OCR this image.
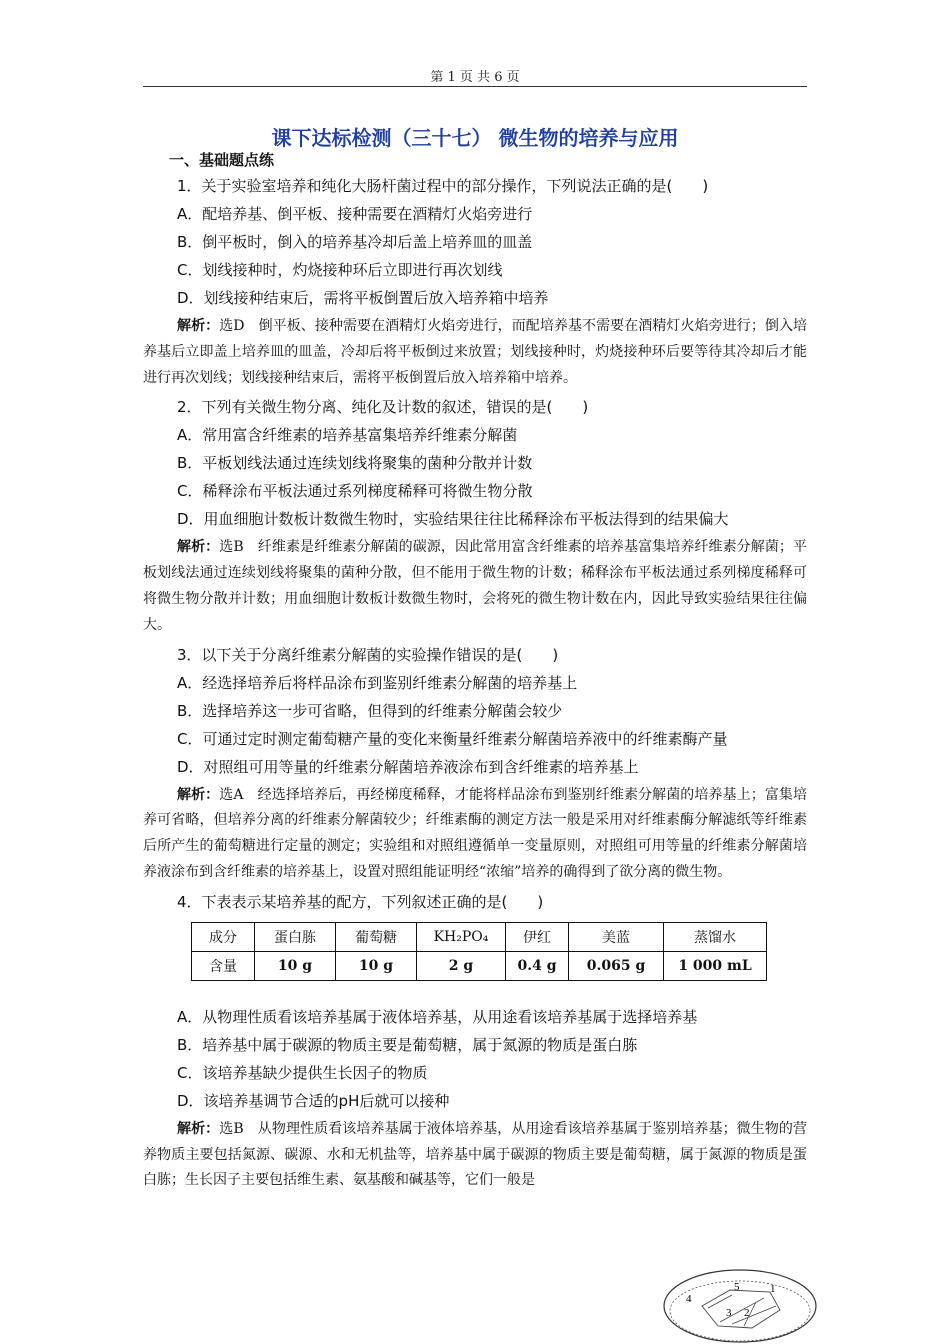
第 1 页 共 6 页
课下达标检测（三十七） 微生物的培养与应用
一、基础题点练
1．关于实验室培养和纯化大肠杆菌过程中的部分操作，下列说法正确的是(　　)
A．配培养基、倒平板、接种需要在酒精灯火焰旁进行
B．倒平板时，倒入的培养基冷却后盖上培养皿的皿盖
C．划线接种时，灼烧接种环后立即进行再次划线
D．划线接种结束后，需将平板倒置后放入培养箱中培养
解析：选D　倒平板、接种需要在酒精灯火焰旁进行，而配培养基不需要在酒精灯火焰旁进行；倒入培养基后立即盖上培养皿的皿盖，冷却后将平板倒过来放置；划线接种时，灼烧接种环后要等待其冷却后才能进行再次划线；划线接种结束后，需将平板倒置后放入培养箱中培养。
2．下列有关微生物分离、纯化及计数的叙述，错误的是(　　)
A．常用富含纤维素的培养基富集培养纤维素分解菌
B．平板划线法通过连续划线将聚集的菌种分散并计数
C．稀释涂布平板法通过系列梯度稀释可将微生物分散
D．用血细胞计数板计数微生物时，实验结果往往比稀释涂布平板法得到的结果偏大
解析：选B　纤维素是纤维素分解菌的碳源，因此常用富含纤维素的培养基富集培养纤维素分解菌；平板划线法通过连续划线将聚集的菌种分散，但不能用于微生物的计数；稀释涂布平板法通过系列梯度稀释可将微生物分散并计数；用血细胞计数板计数微生物时，会将死的微生物计数在内，因此导致实验结果往往偏大。
3．以下关于分离纤维素分解菌的实验操作错误的是(　　)
A．经选择培养后将样品涂布到鉴别纤维素分解菌的培养基上
B．选择培养这一步可省略，但得到的纤维素分解菌会较少
C．可通过定时测定葡萄糖产量的变化来衡量纤维素分解菌培养液中的纤维素酶产量
D．对照组可用等量的纤维素分解菌培养液涂布到含纤维素的培养基上
解析：选A　经选择培养后，再经梯度稀释，才能将样品涂布到鉴别纤维素分解菌的培养基上；富集培养可省略，但培养分离的纤维素分解菌较少；纤维素酶的测定方法一般是采用对纤维素酶分解滤纸等纤维素后所产生的葡萄糖进行定量的测定；实验组和对照组遵循单一变量原则，对照组可用等量的纤维素分解菌培养液涂布到含纤维素的培养基上，设置对照组能证明经“浓缩”培养的确得到了欲分离的微生物。
4．下表表示某培养基的配方，下列叙述正确的是(　　)
成分	蛋白胨	葡萄糖	KH₂PO₄	伊红	美蓝	蒸馏水
含量	10 g	10 g	2 g	0.4 g	0.065 g	1 000 mL
A．从物理性质看该培养基属于液体培养基，从用途看该培养基属于选择培养基
B．培养基中属于碳源的物质主要是葡萄糖，属于氮源的物质是蛋白胨
C．该培养基缺少提供生长因子的物质
D．该培养基调节合适的pH后就可以接种
解析：选B　从物理性质看该培养基属于液体培养基，从用途看该培养基属于鉴别培养基；微生物的营养物质主要包括氮源、碳源、水和无机盐等，培养基中属于碳源的物质主要是葡萄糖，属于氮源的物质是蛋白胨；生长因子主要包括维生素、氨基酸和碱基等，它们一般是
5	1
4
3 2
